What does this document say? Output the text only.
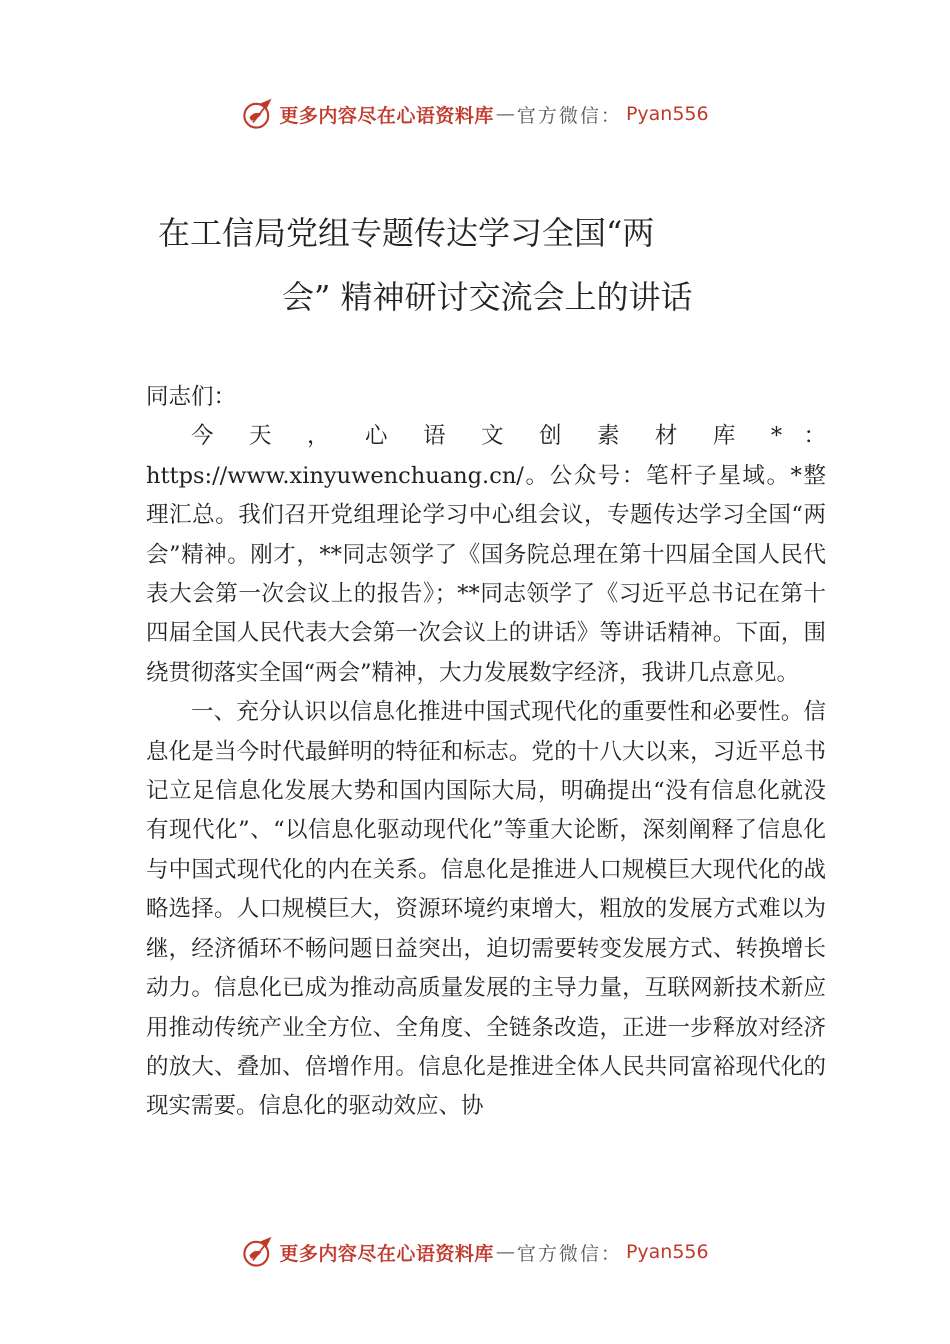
更多内容尽在心语资料库 — 官方微信： Pyan556
在工信局党组专题传达学习全国“两
会” 精神研讨交流会上的讲话

同志们：

今 天 ， 心 语 文 创 素 材 库 * ： https://www.xinyuwenchuang.cn/。公众号：笔杆子星域。*整理汇总。我们召开党组理论学习中心组会议，专题传达学习全国“两会”精神。刚才，**同志领学了《国务院总理在第十四届全国人民代表大会第一次会议上的报告》；**同志领学了《习近平总书记在第十四届全国人民代表大会第一次会议上的讲话》等讲话精神。下面，围绕贯彻落实全国“两会”精神，大力发展数字经济，我讲几点意见。

一、充分认识以信息化推进中国式现代化的重要性和必要性。信息化是当今时代最鲜明的特征和标志。党的十八大以来，习近平总书记立足信息化发展大势和国内国际大局，明确提出“没有信息化就没有现代化”、“以信息化驱动现代化”等重大论断，深刻阐释了信息化与中国式现代化的内在关系。信息化是推进人口规模巨大现代化的战略选择。人口规模巨大，资源环境约束增大，粗放的发展方式难以为继，经济循环不畅问题日益突出，迫切需要转变发展方式、转换增长动力。信息化已成为推动高质量发展的主导力量，互联网新技术新应用推动传统产业全方位、全角度、全链条改造，正进一步释放对经济的放大、叠加、倍增作用。信息化是推进全体人民共同富裕现代化的现实需要。信息化的驱动效应、协

更多内容尽在心语资料库 — 官方微信： Pyan556
